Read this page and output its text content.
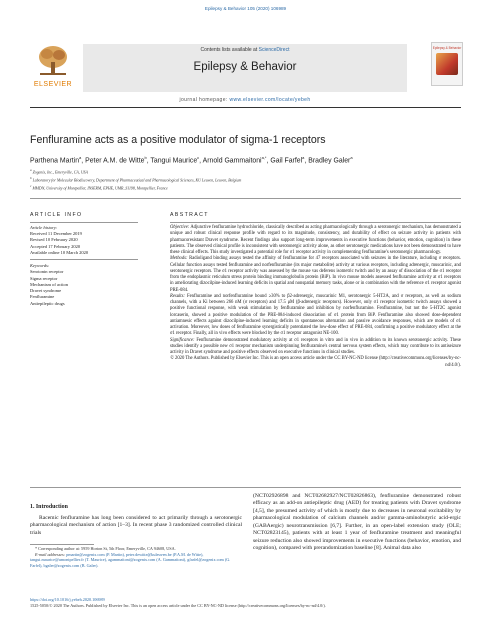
Epilepsy & Behavior 105 (2020) 106989
ELSEVIER
Contents lists available at ScienceDirect
Epilepsy & Behavior
Epilepsy & Behavior
journal homepage: www.elsevier.com/locate/yebeh
Fenfluramine acts as a positive modulator of sigma-1 receptors
Parthena Martin$^a$, Peter A.M. de Witte$^b$, Tangui Maurice$^c$, Arnold Gammaitoni$^{a,*}$, Gail Farfel$^a$, Bradley Galer$^a$
$^a$ Zogenix, Inc., Emeryville, CA, USA
$^b$ Laboratory for Molecular Biodiscovery, Department of Pharmaceutical and Pharmacological Sciences, KU Leuven, Leuven, Belgium
$^c$ MMDN, University of Montpellier, INSERM, EPHE, UMR_S1198, Montpellier, France
ARTICLE INFO
Article history:
Received 11 December 2019
Revised 10 February 2020
Accepted 17 February 2020
Available online 10 March 2020
Keywords:
Serotonin receptor
Sigma receptor
Mechanism of action
Dravet syndrome
Fenfluramine
Antiepileptic drugs
ABSTRACT

Objective: Adjunctive fenfluramine hydrochloride, classically described as acting pharmacologically through a serotonergic mechanism, has demonstrated a unique and robust clinical response profile with regard to its magnitude, consistency, and durability of effect on seizure activity in patients with pharmacoresistant Dravet syndrome. Recent findings also support long-term improvements in executive functions (behavior, emotion, cognition) in these patients. The observed clinical profile is inconsistent with serotonergic activity alone, as other serotonergic medications have not been demonstrated to have these clinical effects. This study investigated a potential role for σ1 receptor activity in complementing fenfluramine's serotonergic pharmacology.

Methods: Radioligand binding assays tested the affinity of fenfluramine for 47 receptors associated with seizures in the literature, including σ receptors. Cellular function assays tested fenfluramine and norfenfluramine (its major metabolite) activity at various receptors, including adrenergic, muscarinic, and serotonergic receptors. The σ1 receptor activity was assessed by the mouse vas deferens isometric twitch and by an assay of dissociation of the σ1 receptor from the endoplasmic reticulum stress protein binding immunoglobulin protein (BiP). In vivo mouse models assessed fenfluramine activity at σ1 receptors in ameliorating dizocilpine-induced learning deficits in spatial and nonspatial memory tasks, alone or in combination with the reference σ1 receptor agonist PRE-084.

Results: Fenfluramine and norfenfluramine bound ≥30% to β2-adrenergic, muscarinic M1, serotonergic 5-HT2A, and σ receptors, as well as sodium channels, with a Ki between 266 nM (σ receptors) and 17.5 μM (β-adrenergic receptors). However, only σ1 receptor isometric twitch assays showed a positive functional response, with weak stimulation by fenfluramine and inhibition by norfenfluramine. Fenfluramine, but not the 5-HT2C agonist lorcaserin, showed a positive modulation of the PRE-084-induced dissociation of σ1 protein from BiP. Fenfluramine also showed dose-dependent antiamnesic effects against dizocilpine-induced learning deficits in spontaneous alternation and passive avoidance responses, which are models of σ1 activation. Moreover, low doses of fenfluramine synergistically potentiated the low-dose effect of PRE-084, confirming a positive modulatory effect at the σ1 receptor. Finally, all in vivo effects were blocked by the σ1 receptor antagonist NE-100.

Significance: Fenfluramine demonstrated modulatory activity at σ1 receptors in vitro and in vivo in addition to its known serotonergic activity. These studies identify a possible new σ1 receptor mechanism underpinning fenfluramine's central nervous system effects, which may contribute to its antiseizure activity in Dravet syndrome and positive effects observed on executive functions in clinical studies.

© 2020 The Authors. Published by Elsevier Inc. This is an open access article under the CC BY-NC-ND license (http://creativecommons.org/licenses/by-nc-nd/4.0/).

1. Introduction
Racemic fenfluramine has long been considered to act primarily through a serotonergic pharmacological mechanism of action [1–3]. In recent phase 3 randomized controlled clinical trials

* Corresponding author at: 5959 Horton St, 5th Floor, Emeryville, CA 94608, USA.

E-mail addresses: pmartin@zogenix.com (P. Martin), peter.dewitte@kuleuven.be (P.A.M. de Witte), tangui.maurice@umontpellier.fr (T. Maurice), agammaitoni@zogenix.com (A. Gammaitoni), gfarfel@zogenix.com (G. Farfel), bgaler@zogenix.com (B. Galer).

(NCT02926898 and NCT02682927/NCT02826863), fenfluramine demonstrated robust efficacy as an add-on antiepileptic drug (AED) for treating patients with Dravet syndrome [4,5], the presumed activity of which is mostly due to decreases in neuronal excitability by pharmacological modulation of calcium channels and/or gamma-aminobutyric acid-ergic (GABAergic) neurotransmission [6,7]. Further, in an open-label extension study (OLE; NCT02823145), patients with at least 1 year of fenfluramine treatment and meaningful seizure reduction also showed improvements in executive functions (behavior, emotion, and cognition), compared with prerandomization baseline [8]. Animal data also
https://doi.org/10.1016/j.yebeh.2020.106989
1525-5050/© 2020 The Authors. Published by Elsevier Inc. This is an open access article under the CC BY-NC-ND license (http://creativecommons.org/licenses/by-nc-nd/4.0/).
